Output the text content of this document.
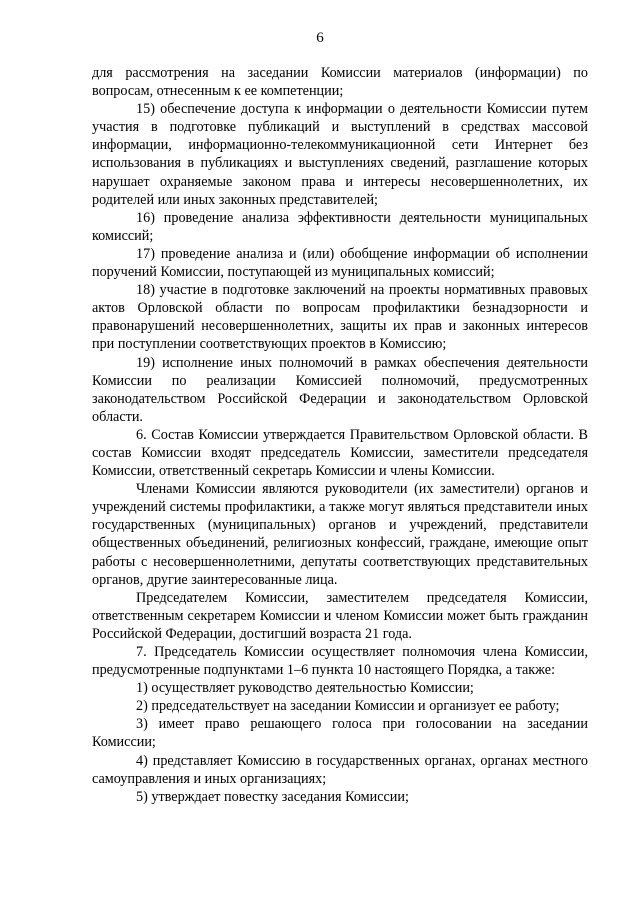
6

для рассмотрения на заседании Комиссии материалов (информации) по вопросам, отнесенным к ее компетенции;

15) обеспечение доступа к информации о деятельности Комиссии путем участия в подготовке публикаций и выступлений в средствах массовой информации, информационно-телекоммуникационной сети Интернет без использования в публикациях и выступлениях сведений, разглашение которых нарушает охраняемые законом права и интересы несовершеннолетних, их родителей или иных законных представителей;

16) проведение анализа эффективности деятельности муниципальных комиссий;

17) проведение анализа и (или) обобщение информации об исполнении поручений Комиссии, поступающей из муниципальных комиссий;

18) участие в подготовке заключений на проекты нормативных правовых актов Орловской области по вопросам профилактики безнадзорности и правонарушений несовершеннолетних, защиты их прав и законных интересов при поступлении соответствующих проектов в Комиссию;

19) исполнение иных полномочий в рамках обеспечения деятельности Комиссии по реализации Комиссией полномочий, предусмотренных законодательством Российской Федерации и законодательством Орловской области.

6. Состав Комиссии утверждается Правительством Орловской области. В состав Комиссии входят председатель Комиссии, заместители председателя Комиссии, ответственный секретарь Комиссии и члены Комиссии.

Членами Комиссии являются руководители (их заместители) органов и учреждений системы профилактики, а также могут являться представители иных государственных (муниципальных) органов и учреждений, представители общественных объединений, религиозных конфессий, граждане, имеющие опыт работы с несовершеннолетними, депутаты соответствующих представительных органов, другие заинтересованные лица.

Председателем Комиссии, заместителем председателя Комиссии, ответственным секретарем Комиссии и членом Комиссии может быть гражданин Российской Федерации, достигший возраста 21 года.

7. Председатель Комиссии осуществляет полномочия члена Комиссии, предусмотренные подпунктами 1–6 пункта 10 настоящего Порядка, а также:

1) осуществляет руководство деятельностью Комиссии;

2) председательствует на заседании Комиссии и организует ее работу;

3) имеет право решающего голоса при голосовании на заседании Комиссии;

4) представляет Комиссию в государственных органах, органах местного самоуправления и иных организациях;

5) утверждает повестку заседания Комиссии;
